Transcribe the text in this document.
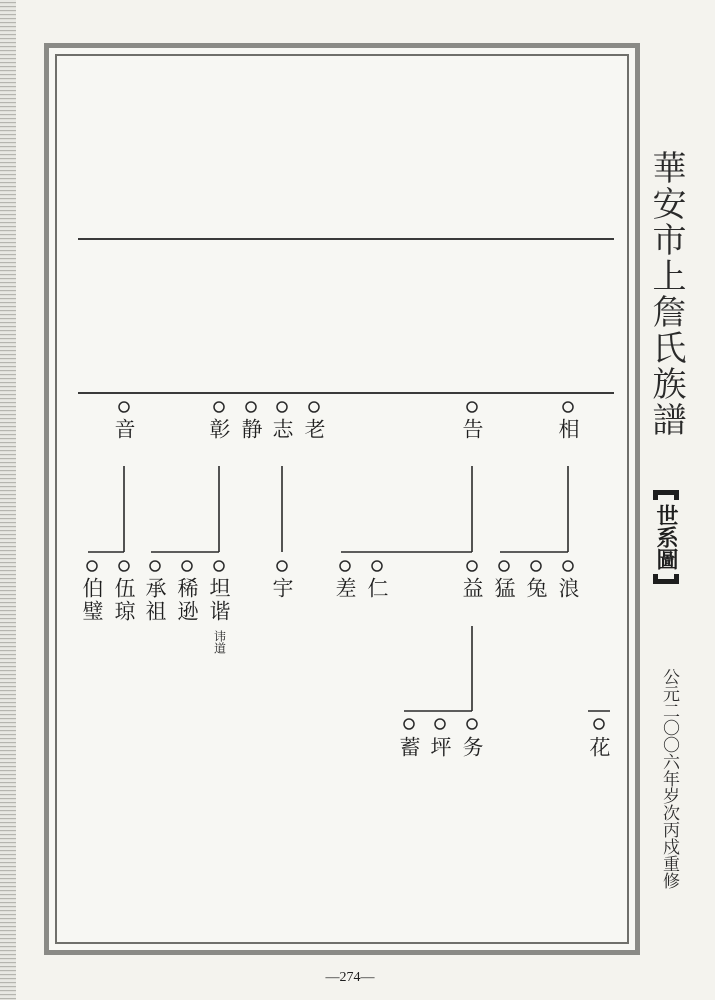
相
告
老
志
静
彰
音
浪
兔
猛
益
仁
差
宇
坦谐
讳道
稀逊
承祖
伍琼
伯璧
花
务
坪
蓄
華安市上詹氏族譜
世系圖
公元二〇〇六年岁次丙戍重修
—274—
